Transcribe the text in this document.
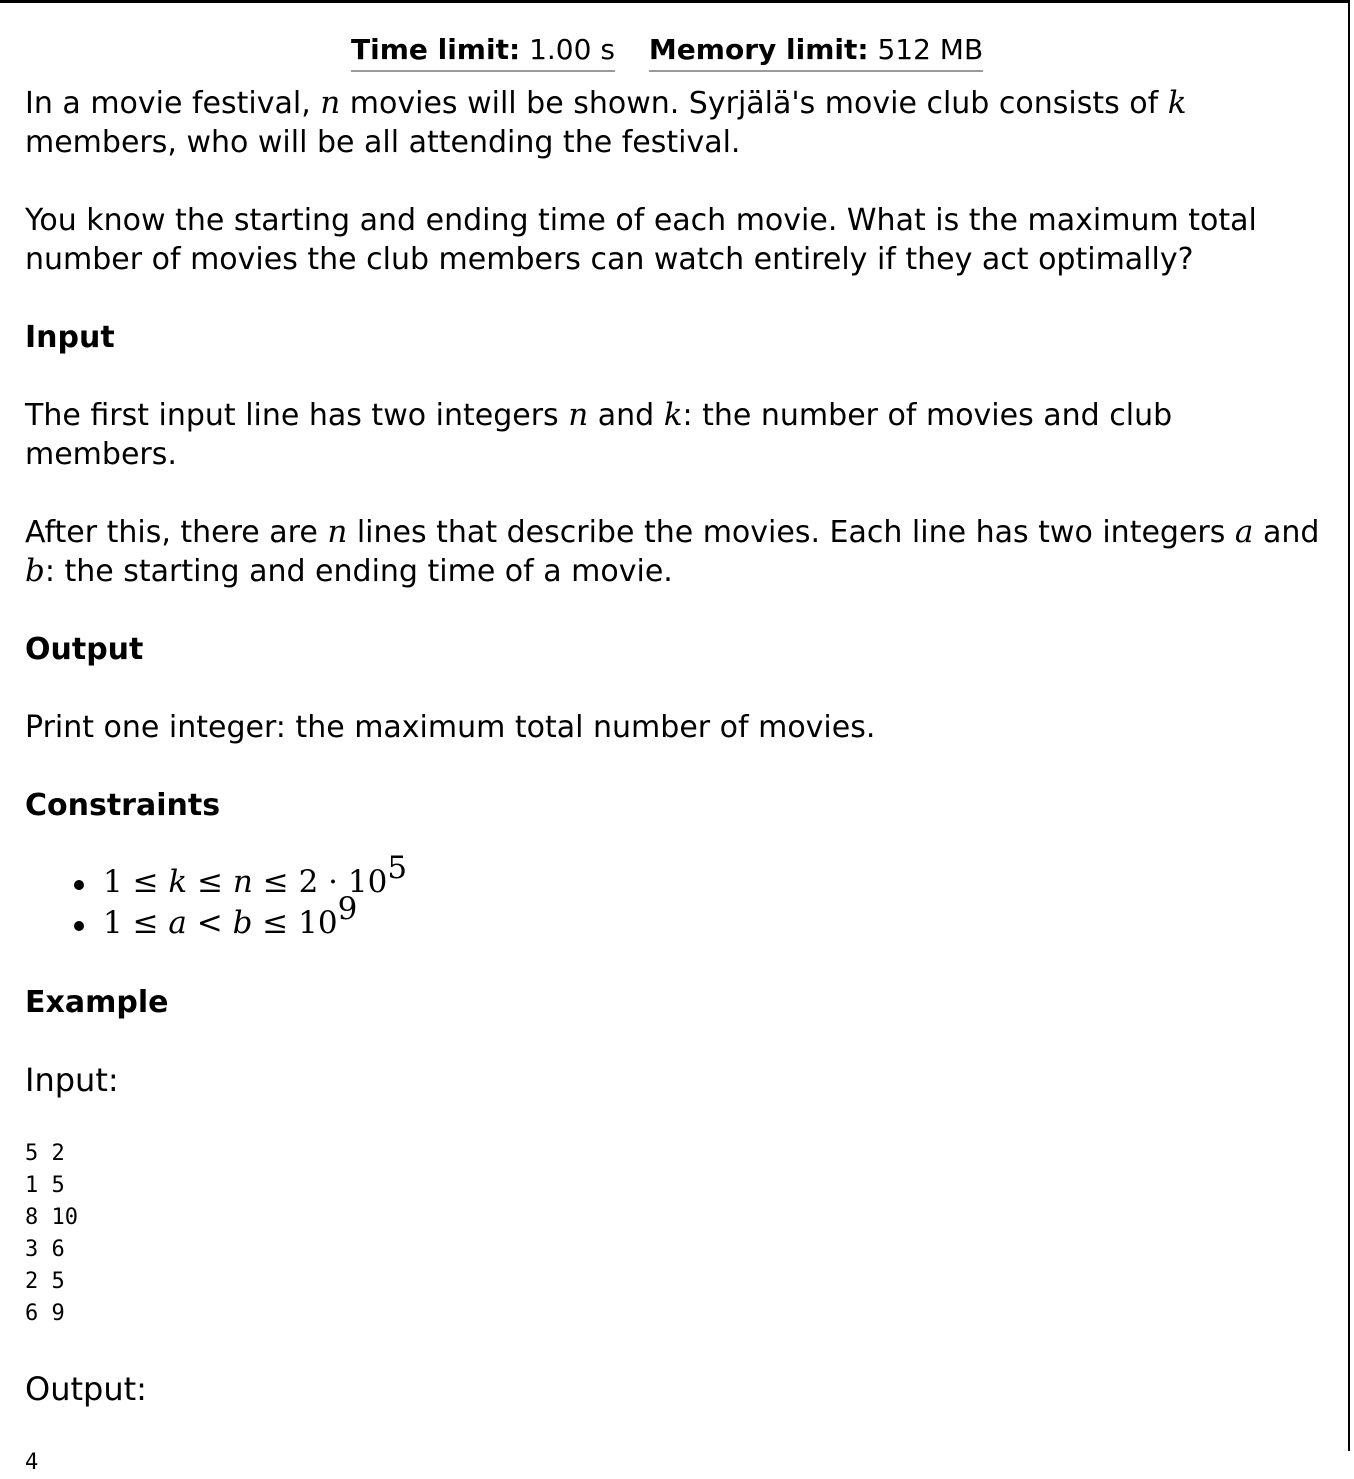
Time limit: 1.00 s Memory limit: 512 MB

In a movie festival, n movies will be shown. Syrjälä's movie club consists of k members, who will be all attending the festival.

You know the starting and ending time of each movie. What is the maximum total number of movies the club members can watch entirely if they act optimally?

Input

The first input line has two integers n and k: the number of movies and club members.

After this, there are n lines that describe the movies. Each line has two integers a and b: the starting and ending time of a movie.

Output

Print one integer: the maximum total number of movies.

Constraints
$1 \le k \le n \le 2 \cdot 10^5$
$1 \le a < b \le 10^9$
Example

Input:

5 2
1 5
8 10
3 6
2 5
6 9

Output:

4
